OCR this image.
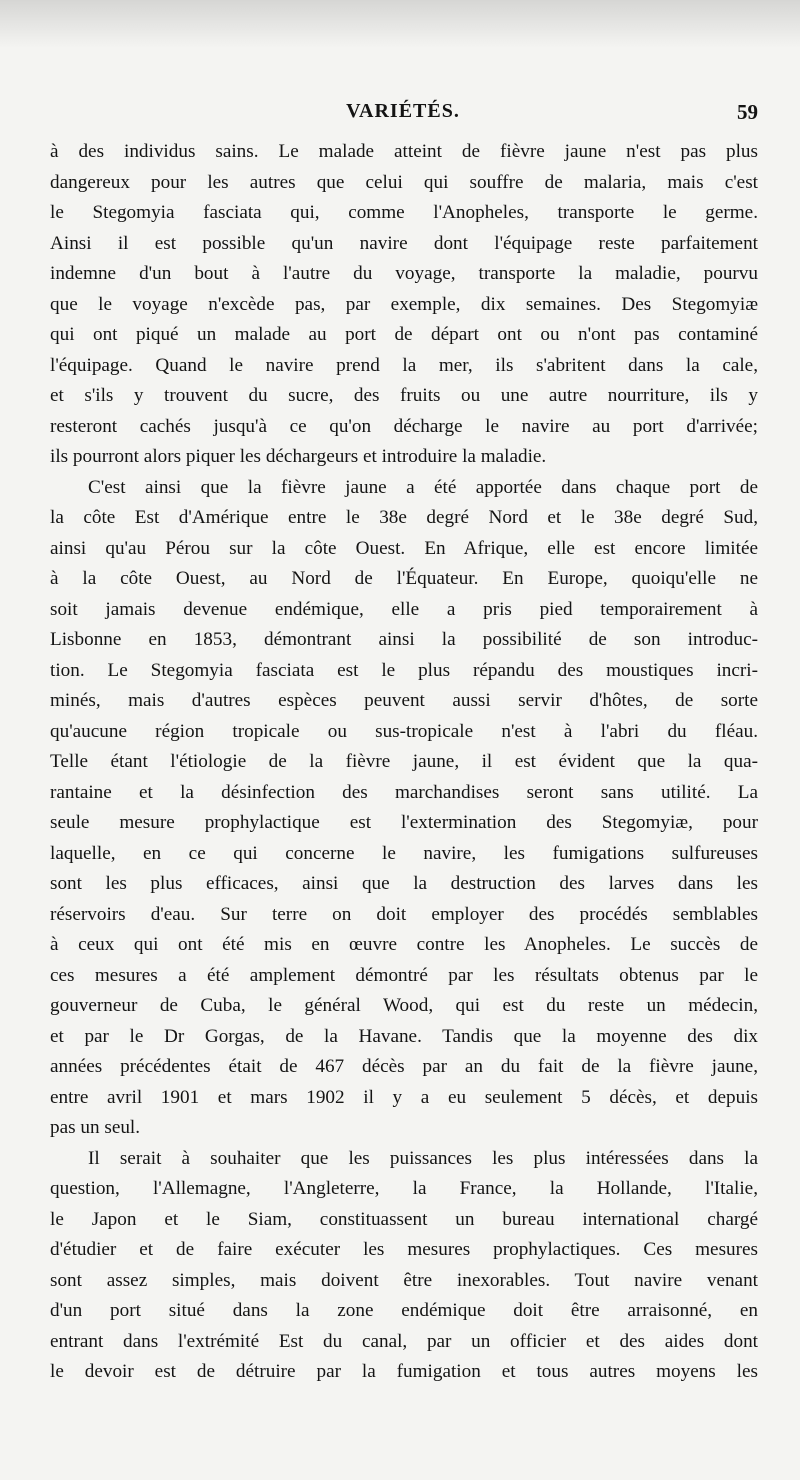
VARIÉTÉS.	59
à des individus sains. Le malade atteint de fièvre jaune n'est pas plus
dangereux pour les autres que celui qui souffre de malaria, mais c'est
le Stegomyia fasciata qui, comme l'Anopheles, transporte le germe.
Ainsi il est possible qu'un navire dont l'équipage reste parfaitement
indemne d'un bout à l'autre du voyage, transporte la maladie, pourvu
que le voyage n'excède pas, par exemple, dix semaines. Des Stegomyiæ
qui ont piqué un malade au port de départ ont ou n'ont pas contaminé
l'équipage. Quand le navire prend la mer, ils s'abritent dans la cale,
et s'ils y trouvent du sucre, des fruits ou une autre nourriture, ils y
resteront cachés jusqu'à ce qu'on décharge le navire au port d'arrivée;
ils pourront alors piquer les déchargeurs et introduire la maladie.
C'est ainsi que la fièvre jaune a été apportée dans chaque port de
la côte Est d'Amérique entre le 38e degré Nord et le 38e degré Sud,
ainsi qu'au Pérou sur la côte Ouest. En Afrique, elle est encore limitée
à la côte Ouest, au Nord de l'Équateur. En Europe, quoiqu'elle ne
soit jamais devenue endémique, elle a pris pied temporairement à
Lisbonne en 1853, démontrant ainsi la possibilité de son introduc-
tion. Le Stegomyia fasciata est le plus répandu des moustiques incri-
minés, mais d'autres espèces peuvent aussi servir d'hôtes, de sorte
qu'aucune région tropicale ou sus-tropicale n'est à l'abri du fléau.
Telle étant l'étiologie de la fièvre jaune, il est évident que la qua-
rantaine et la désinfection des marchandises seront sans utilité. La
seule mesure prophylactique est l'extermination des Stegomyiæ, pour
laquelle, en ce qui concerne le navire, les fumigations sulfureuses
sont les plus efficaces, ainsi que la destruction des larves dans les
réservoirs d'eau. Sur terre on doit employer des procédés semblables
à ceux qui ont été mis en œuvre contre les Anopheles. Le succès de
ces mesures a été amplement démontré par les résultats obtenus par le
gouverneur de Cuba, le général Wood, qui est du reste un médecin,
et par le Dr Gorgas, de la Havane. Tandis que la moyenne des dix
années précédentes était de 467 décès par an du fait de la fièvre jaune,
entre avril 1901 et mars 1902 il y a eu seulement 5 décès, et depuis
pas un seul.
Il serait à souhaiter que les puissances les plus intéressées dans la
question, l'Allemagne, l'Angleterre, la France, la Hollande, l'Italie,
le Japon et le Siam, constituassent un bureau international chargé
d'étudier et de faire exécuter les mesures prophylactiques. Ces mesures
sont assez simples, mais doivent être inexorables. Tout navire venant
d'un port situé dans la zone endémique doit être arraisonné, en
entrant dans l'extrémité Est du canal, par un officier et des aides dont
le devoir est de détruire par la fumigation et tous autres moyens les
